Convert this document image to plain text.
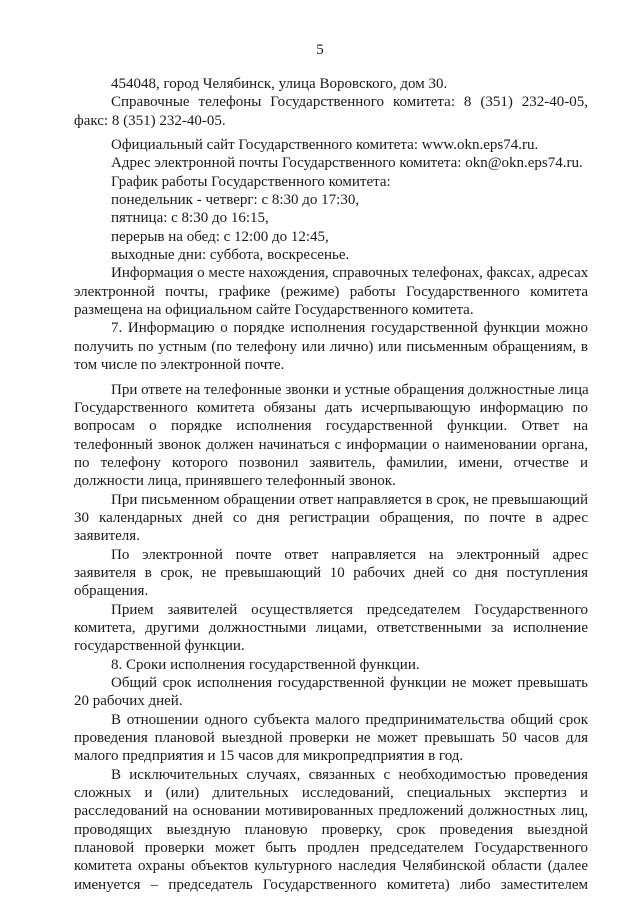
5
454048, город Челябинск, улица Воровского, дом 30.
Справочные телефоны Государственного комитета: 8 (351) 232-40-05,
факс: 8 (351) 232-40-05.
Официальный сайт Государственного комитета: www.okn.eps74.ru.
Адрес электронной почты Государственного комитета: okn@okn.eps74.ru.
График работы Государственного комитета:
понедельник - четверг: с 8:30 до 17:30,
пятница: с 8:30 до 16:15,
перерыв на обед: с 12:00 до 12:45,
выходные дни: суббота, воскресенье.
Информация о месте нахождения, справочных телефонах, факсах, адресах
электронной почты, графике (режиме) работы Государственного комитета
размещена на официальном сайте Государственного комитета.
7. Информацию о порядке исполнения государственной функции можно
получить по устным (по телефону или лично) или письменным обращениям, в
том числе по электронной почте.
При ответе на телефонные звонки и устные обращения должностные лица
Государственного комитета обязаны дать исчерпывающую информацию по
вопросам о порядке исполнения государственной функции. Ответ на
телефонный звонок должен начинаться с информации о наименовании органа,
по телефону которого позвонил заявитель, фамилии, имени, отчестве и
должности лица, принявшего телефонный звонок.
При письменном обращении ответ направляется в срок, не превышающий
30 календарных дней со дня регистрации обращения, по почте в адрес
заявителя.
По электронной почте ответ направляется на электронный адрес
заявителя в срок, не превышающий 10 рабочих дней со дня поступления
обращения.
Прием заявителей осуществляется председателем Государственного
комитета, другими должностными лицами, ответственными за исполнение
государственной функции.
8. Сроки исполнения государственной функции.
Общий срок исполнения государственной функции не может превышать
20 рабочих дней.
В отношении одного субъекта малого предпринимательства общий срок
проведения плановой выездной проверки не может превышать 50 часов для
малого предприятия и 15 часов для микропредприятия в год.
В исключительных случаях, связанных с необходимостью проведения
сложных и (или) длительных исследований, специальных экспертиз и
расследований на основании мотивированных предложений должностных лиц,
проводящих выездную плановую проверку, срок проведения выездной
плановой проверки может быть продлен председателем Государственного
комитета охраны объектов культурного наследия Челябинской области (далее
именуется – председатель Государственного комитета) либо заместителем
